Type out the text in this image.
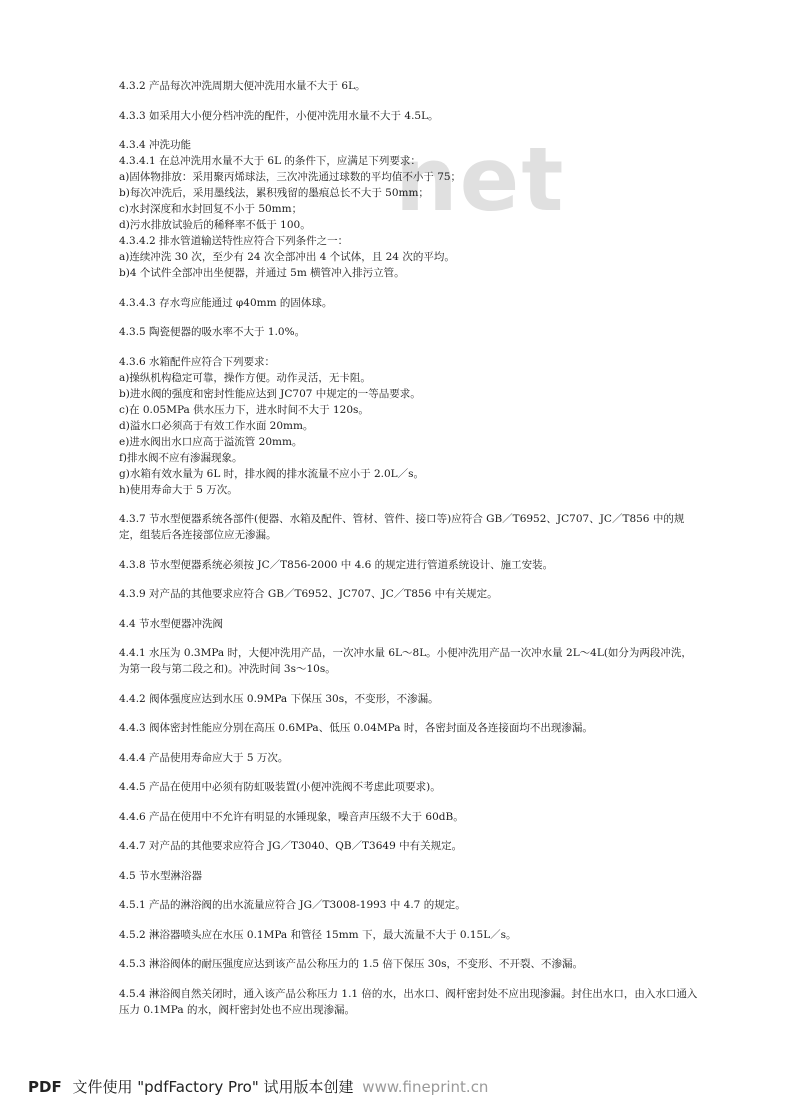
net
4.3.2 产品每次冲洗周期大便冲洗用水量不大于 6L。
4.3.3 如采用大小便分档冲洗的配件，小便冲洗用水量不大于 4.5L。
4.3.4 冲洗功能
4.3.4.1 在总冲洗用水量不大于 6L 的条件下，应满足下列要求：
a)固体物排放：采用聚丙烯球法，三次冲洗通过球数的平均值不小于 75；
b)每次冲洗后，采用墨线法，累积残留的墨痕总长不大于 50mm；
c)水封深度和水封回复不小于 50mm；
d)污水排放试验后的稀释率不低于 100。
4.3.4.2 排水管道输送特性应符合下列条件之一：
a)连续冲洗 30 次，至少有 24 次全部冲出 4 个试体，且 24 次的平均。
b)4 个试件全部冲出坐便器，并通过 5m 横管冲入排污立管。
4.3.4.3 存水弯应能通过 φ40mm 的固体球。
4.3.5 陶瓷便器的吸水率不大于 1.0%。
4.3.6 水箱配件应符合下列要求：
a)操纵机构稳定可靠，操作方便。动作灵活，无卡阻。
b)进水阀的强度和密封性能应达到 JC707 中规定的一等品要求。
c)在 0.05MPa 供水压力下，进水时间不大于 120s。
d)溢水口必须高于有效工作水面 20mm。
e)进水阀出水口应高于溢流管 20mm。
f)排水阀不应有渗漏现象。
g)水箱有效水量为 6L 时，排水阀的排水流量不应小于 2.0L／s。
h)使用寿命大于 5 万次。
4.3.7 节水型便器系统各部件(便器、水箱及配件、管材、管件、接口等)应符合 GB／T6952、JC707、JC／T856 中的规定，组装后各连接部位应无渗漏。
4.3.8 节水型便器系统必须按 JC／T856-2000 中 4.6 的规定进行管道系统设计、施工安装。
4.3.9 对产品的其他要求应符合 GB／T6952、JC707、JC／T856 中有关规定。
4.4 节水型便器冲洗阀
4.4.1 水压为 0.3MPa 时，大便冲洗用产品，一次冲水量 6L～8L。小便冲洗用产品一次冲水量 2L～4L(如分为两段冲洗，为第一段与第二段之和)。冲洗时间 3s～10s。
4.4.2 阀体强度应达到水压 0.9MPa 下保压 30s，不变形，不渗漏。
4.4.3 阀体密封性能应分别在高压 0.6MPa、低压 0.04MPa 时，各密封面及各连接面均不出现渗漏。
4.4.4 产品使用寿命应大于 5 万次。
4.4.5 产品在使用中必须有防虹吸装置(小便冲洗阀不考虑此项要求)。
4.4.6 产品在使用中不允许有明显的水锤现象，噪音声压级不大于 60dB。
4.4.7 对产品的其他要求应符合 JG／T3040、QB／T3649 中有关规定。
4.5 节水型淋浴器
4.5.1 产品的淋浴阀的出水流量应符合 JG／T3008-1993 中 4.7 的规定。
4.5.2 淋浴器喷头应在水压 0.1MPa 和管径 15mm 下，最大流量不大于 0.15L／s。
4.5.3 淋浴阀体的耐压强度应达到该产品公称压力的 1.5 倍下保压 30s，不变形、不开裂、不渗漏。
4.5.4 淋浴阀自然关闭时，通入该产品公称压力 1.1 倍的水，出水口、阀杆密封处不应出现渗漏。封住出水口，由入水口通入压力 0.1MPa 的水，阀杆密封处也不应出现渗漏。
PDF 文件使用 "pdfFactory Pro" 试用版本创建 www.fineprint.cn
